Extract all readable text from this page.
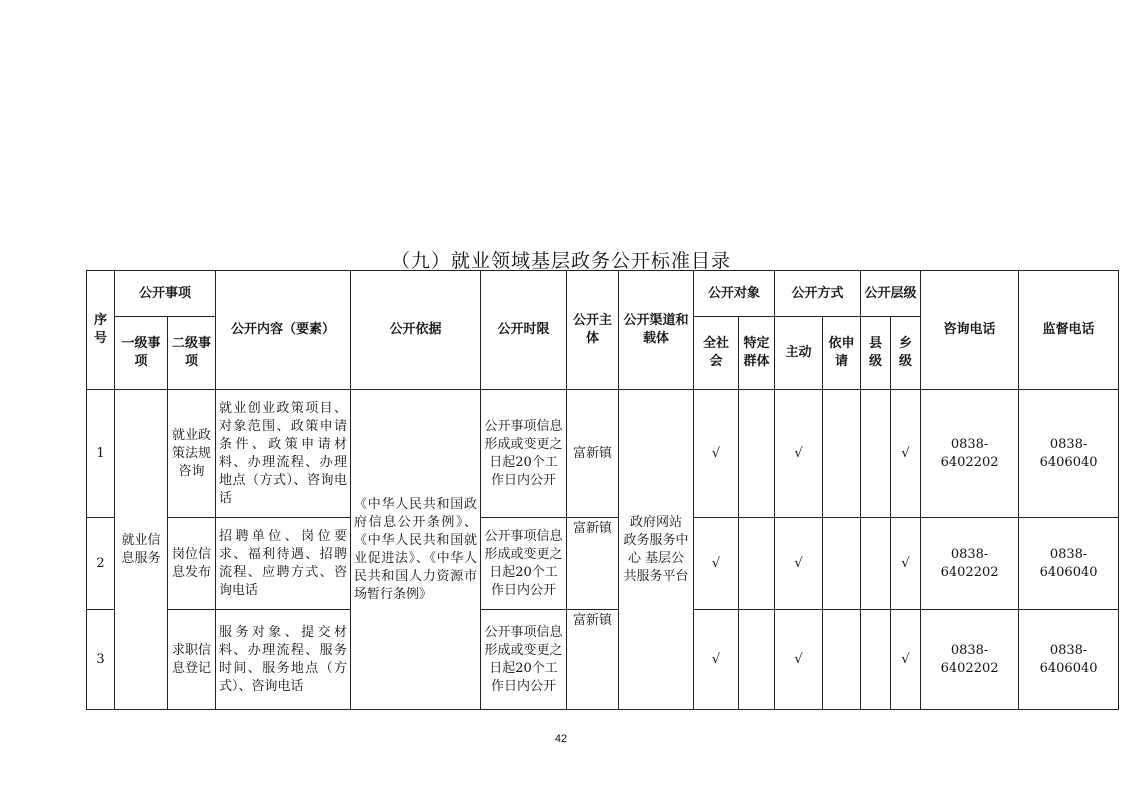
（九）就业领域基层政务公开标准目录
序号	公开事项		公开内容（要素）	公开依据	公开时限	公开主体	公开渠道和载体	公开对象		公开方式		公开层级		咨询电话	监督电话
	一级事项	二级事项						全社会	特定群体	主动	依申请	县级	乡级		
1	就业信息服务	就业政策法规咨询	就业创业政策项目、对象范围、政策申请条件、政策申请材料、办理流程、办理地点（方式）、咨询电话	《中华人民共和国政府信息公开条例》、《中华人民共和国就业促进法》、《中华人民共和国人力资源市场暂行条例》	公开事项信息形成或变更之日起20个工作日内公开	富新镇	政府网站 政务服务中心 基层公共服务平台	√		√			√	0838-6402202	0838-6406040
2		岗位信息发布	招聘单位、岗位要求、福利待遇、招聘流程、应聘方式、咨询电话		公开事项信息形成或变更之日起20个工作日内公开	富新镇		√		√			√	0838-6402202	0838-6406040
3		求职信息登记	服务对象、提交材料、办理流程、服务时间、服务地点（方式）、咨询电话		公开事项信息形成或变更之日起20个工作日内公开	富新镇		√		√			√	0838-6402202	0838-6406040
42
